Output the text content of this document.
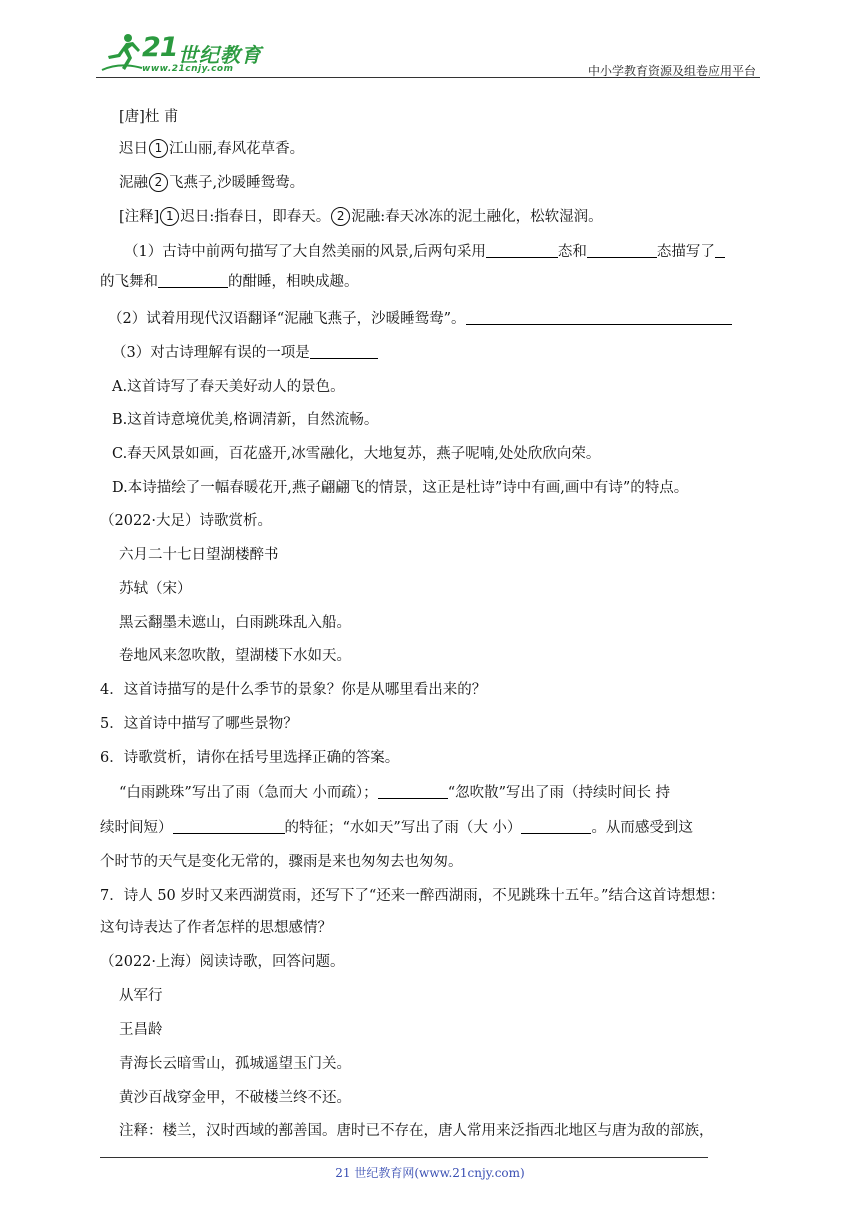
21 世纪教育
www.21cnjy.com	中小学教育资源及组卷应用平台
[唐]杜 甫
迟日 1 江山丽,春风花草香。
泥融 2 飞燕子,沙暖睡鸳鸯。
[注释] 1 迟日:指春日，即春天。 2 泥融:春天冰冻的泥土融化，松软湿润。
（1）古诗中前两句描写了大自然美丽的风景,后两句采用	态和	态描写了
的飞舞和	的酣睡，相映成趣。
（2）试着用现代汉语翻译“泥融飞燕子，沙暖睡鸳鸯”。
（3）对古诗理解有误的一项是
A.这首诗写了春天美好动人的景色。
B.这首诗意境优美,格调清新，自然流畅。
C.春天风景如画，百花盛开,冰雪融化，大地复苏，燕子呢喃,处处欣欣向荣。
D.本诗描绘了一幅春暖花开,燕子翩翩飞的情景，这正是杜诗”诗中有画,画中有诗”的特点。
（2022·大足）诗歌赏析。
六月二十七日望湖楼醉书
苏轼（宋）
黑云翻墨未遮山，白雨跳珠乱入船。
卷地风来忽吹散，望湖楼下水如天。
4．这首诗描写的是什么季节的景象？你是从哪里看出来的？
5．这首诗中描写了哪些景物？
6．诗歌赏析，请你在括号里选择正确的答案。
“白雨跳珠”写出了雨（急而大 小而疏）；	“忽吹散”写出了雨（持续时间长 持
续时间短）	的特征；“水如天”写出了雨（大 小）	。从而感受到这
个时节的天气是变化无常的，骤雨是来也匆匆去也匆匆。
7．诗人 50 岁时又来西湖赏雨，还写下了“还来一醉西湖雨，不见跳珠十五年。”结合这首诗想想：
这句诗表达了作者怎样的思想感情？
（2022·上海）阅读诗歌，回答问题。
从军行
王昌龄
青海长云暗雪山，孤城遥望玉门关。
黄沙百战穿金甲，不破楼兰终不还。
注释：楼兰，汉时西域的鄯善国。唐时已不存在，唐人常用来泛指西北地区与唐为敌的部族，
21 世纪教育网(www.21cnjy.com)
